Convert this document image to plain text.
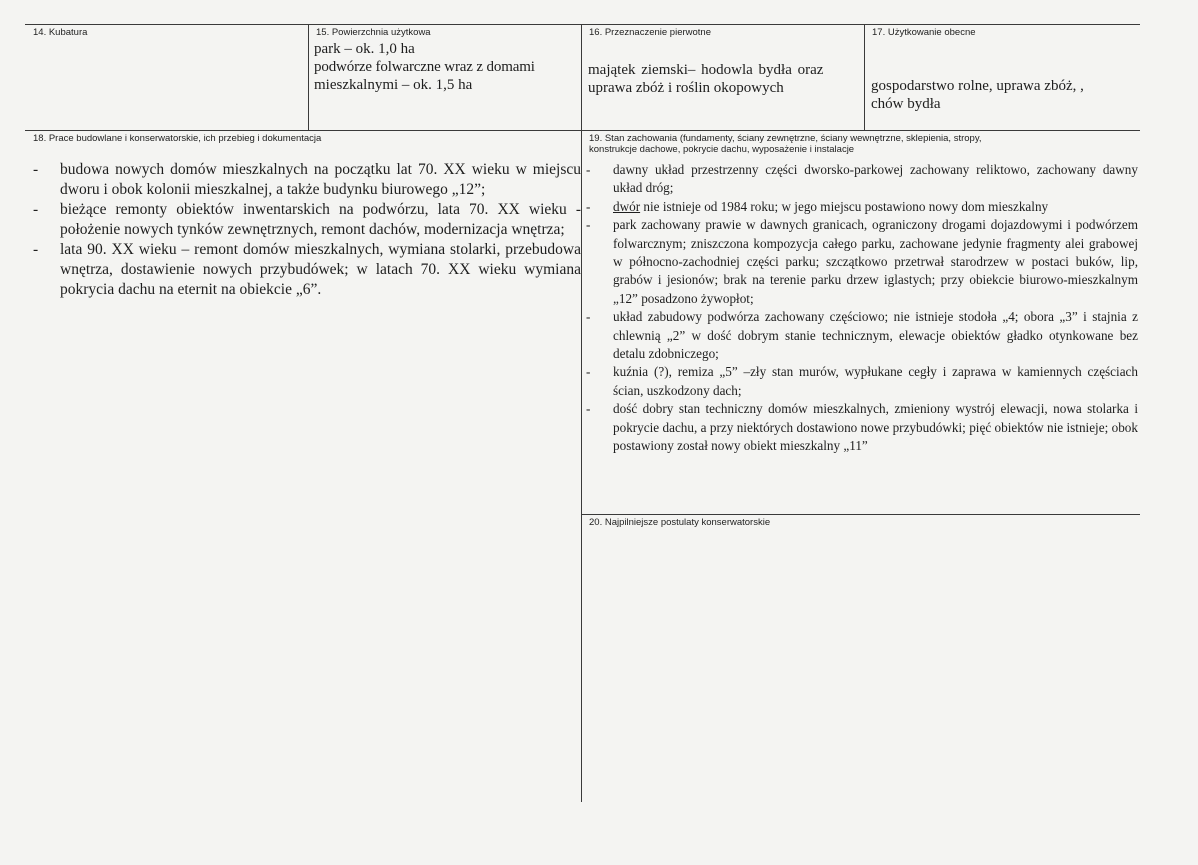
14. Kubatura	15. Powierzchnia użytkowa

park – ok. 1,0 ha
podwórze folwarczne wraz z domami
mieszkalnymi – ok. 1,5 ha

16. Przeznaczenie pierwotne

majątek ziemski– hodowla bydła oraz
uprawa zbóż i roślin okopowych

17. Użytkowanie obecne

gospodarstwo rolne, uprawa zbóż, ,
chów bydła

18. Prace budowlane i konserwatorskie, ich przebieg i dokumentacja

- budowa nowych domów mieszkalnych na początku lat 70. XX wieku w miejscu dworu i obok kolonii mieszkalnej, a także budynku biurowego „12”;
- bieżące remonty obiektów inwentarskich na podwórzu, lata 70. XX wieku - położenie nowych tynków zewnętrznych, remont dachów, modernizacja wnętrza;
- lata 90. XX wieku – remont domów mieszkalnych, wymiana stolarki, przebudowa wnętrza, dostawienie nowych przybudówek; w latach 70. XX wieku wymiana pokrycia dachu na eternit na obiekcie „6”.

19. Stan zachowania (fundamenty, ściany zewnętrzne, ściany wewnętrzne, sklepienia, stropy,
konstrukcje dachowe, pokrycie dachu, wyposażenie i instalacje

- dawny układ przestrzenny części dworsko-parkowej zachowany reliktowo, zachowany dawny układ dróg;
- dwór nie istnieje od 1984 roku; w jego miejscu postawiono nowy dom mieszkalny
- park zachowany prawie w dawnych granicach, ograniczony drogami dojazdowymi i podwórzem folwarcznym; zniszczona kompozycja całego parku, zachowane jedynie fragmenty alei grabowej w północno-zachodniej części parku; szczątkowo przetrwał starodrzew w postaci buków, lip, grabów i jesionów; brak na terenie parku drzew iglastych; przy obiekcie biurowo-mieszkalnym „12” posadzono żywopłot;
- układ zabudowy podwórza zachowany częściowo; nie istnieje stodoła „4; obora „3” i stajnia z chlewnią „2” w dość dobrym stanie technicznym, elewacje obiektów gładko otynkowane bez detalu zdobniczego;
- kuźnia (?), remiza „5” –zły stan murów, wypłukane cegły i zaprawa w kamiennych częściach ścian, uszkodzony dach;
- dość dobry stan techniczny domów mieszkalnych, zmieniony wystrój elewacji, nowa stolarka i pokrycie dachu, a przy niektórych dostawiono nowe przybudówki; pięć obiektów nie istnieje; obok postawiony został nowy obiekt mieszkalny „11”

20. Najpilniejsze postulaty konserwatorskie
